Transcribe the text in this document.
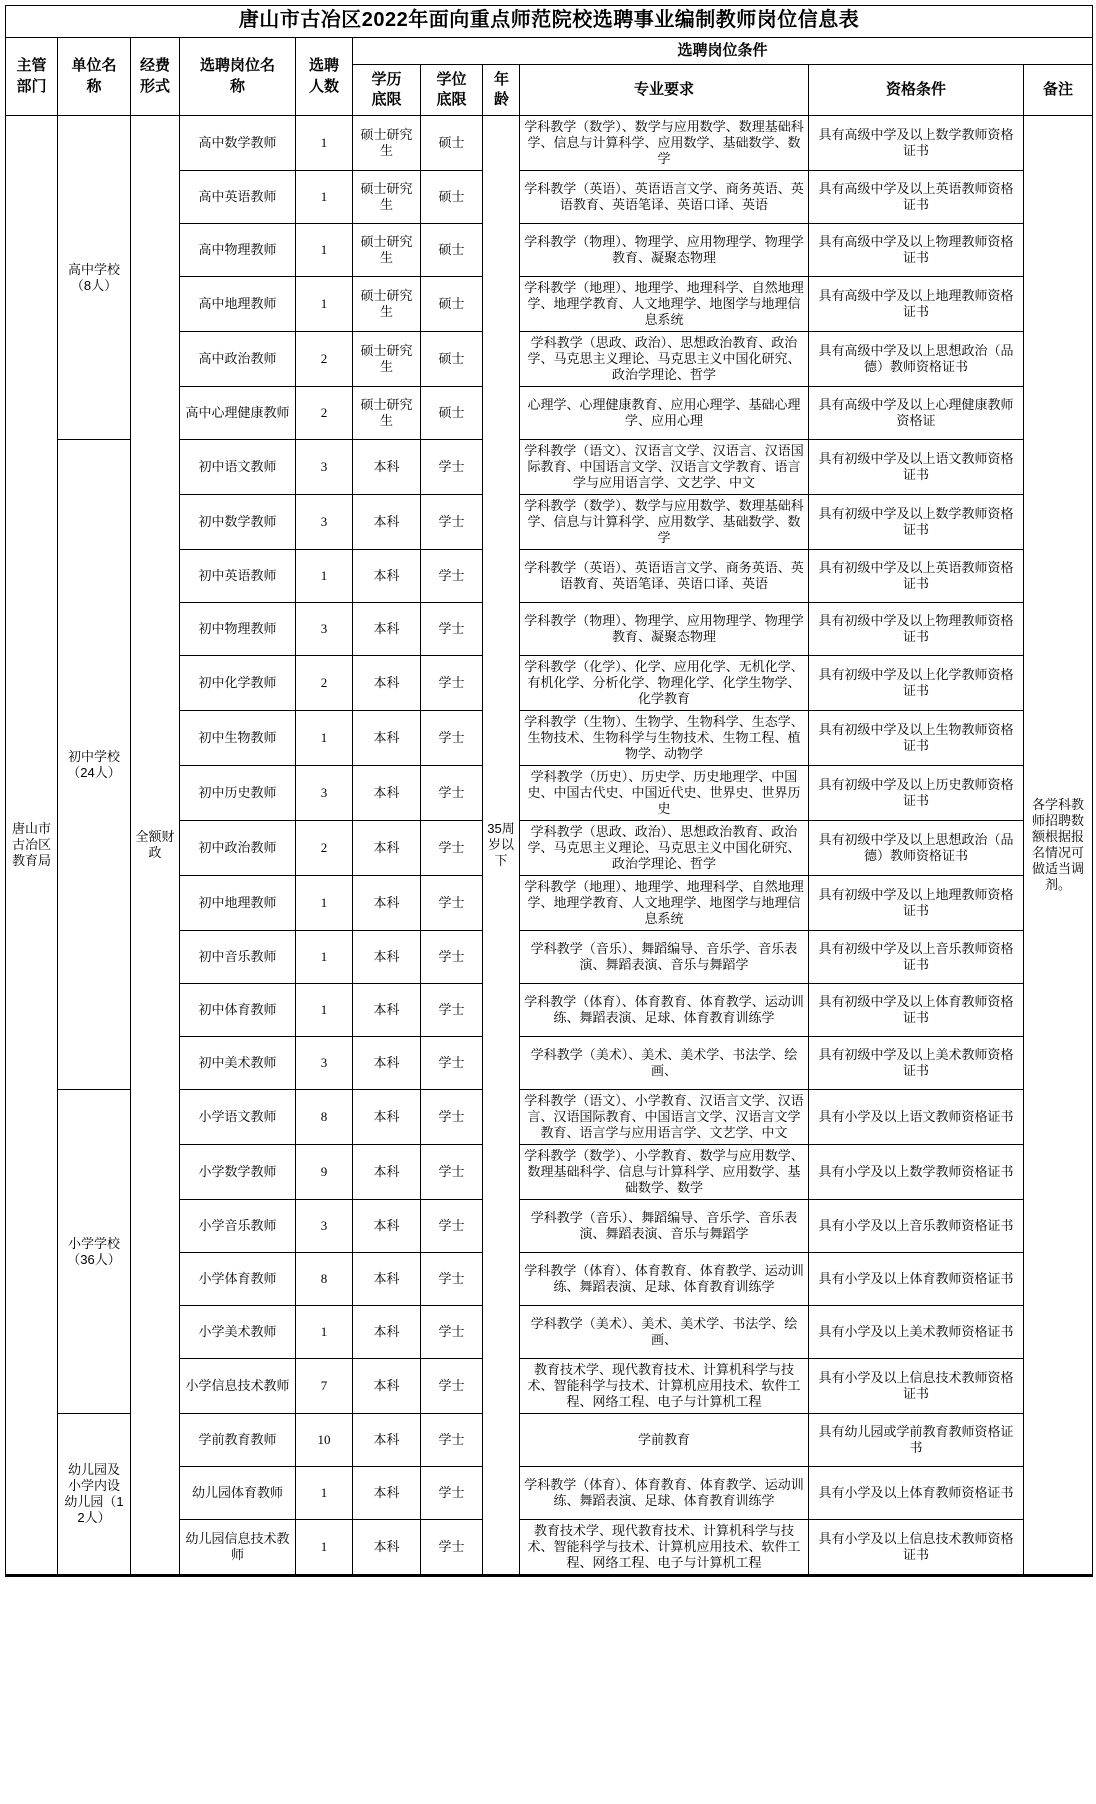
唐山市古冶区2022年面向重点师范院校选聘事业编制教师岗位信息表										
主管部门	单位名称	经费形式	选聘岗位名称	选聘人数	选聘岗位条件					
					学历底限	学位底限	年龄	专业要求	资格条件	备注
唐山市古冶区教育局	高中学校（8人）	全额财政	高中数学教师	1	硕士研究生	硕士	35周岁以下	学科教学（数学）、数学与应用数学、数理基础科学、信息与计算科学、应用数学、基础数学、数学	具有高级中学及以上数学教师资格证书	各学科教师招聘数额根据报名情况可做适当调剂。
			高中英语教师	1	硕士研究生	硕士		学科教学（英语）、英语语言文学、商务英语、英语教育、英语笔译、英语口译、英语	具有高级中学及以上英语教师资格证书	
			高中物理教师	1	硕士研究生	硕士		学科教学（物理）、物理学、应用物理学、物理学教育、凝聚态物理	具有高级中学及以上物理教师资格证书	
			高中地理教师	1	硕士研究生	硕士		学科教学（地理）、地理学、地理科学、自然地理学、地理学教育、人文地理学、地图学与地理信息系统	具有高级中学及以上地理教师资格证书	
			高中政治教师	2	硕士研究生	硕士		学科教学（思政、政治）、思想政治教育、政治学、马克思主义理论、马克思主义中国化研究、政治学理论、哲学	具有高级中学及以上思想政治（品德）教师资格证书	
			高中心理健康教师	2	硕士研究生	硕士		心理学、心理健康教育、应用心理学、基础心理学、应用心理	具有高级中学及以上心理健康教师资格证	
	初中学校（24人）		初中语文教师	3	本科	学士		学科教学（语文）、汉语言文学、汉语言、汉语国际教育、中国语言文学、汉语言文学教育、语言学与应用语言学、文艺学、中文	具有初级中学及以上语文教师资格证书	
			初中数学教师	3	本科	学士		学科教学（数学）、数学与应用数学、数理基础科学、信息与计算科学、应用数学、基础数学、数学	具有初级中学及以上数学教师资格证书	
			初中英语教师	1	本科	学士		学科教学（英语）、英语语言文学、商务英语、英语教育、英语笔译、英语口译、英语	具有初级中学及以上英语教师资格证书	
			初中物理教师	3	本科	学士		学科教学（物理）、物理学、应用物理学、物理学教育、凝聚态物理	具有初级中学及以上物理教师资格证书	
			初中化学教师	2	本科	学士		学科教学（化学）、化学、应用化学、无机化学、有机化学、分析化学、物理化学、化学生物学、化学教育	具有初级中学及以上化学教师资格证书	
			初中生物教师	1	本科	学士		学科教学（生物）、生物学、生物科学、生态学、生物技术、生物科学与生物技术、生物工程、植物学、动物学	具有初级中学及以上生物教师资格证书	
			初中历史教师	3	本科	学士		学科教学（历史）、历史学、历史地理学、中国史、中国古代史、中国近代史、世界史、世界历史	具有初级中学及以上历史教师资格证书	
			初中政治教师	2	本科	学士		学科教学（思政、政治）、思想政治教育、政治学、马克思主义理论、马克思主义中国化研究、政治学理论、哲学	具有初级中学及以上思想政治（品德）教师资格证书	
			初中地理教师	1	本科	学士		学科教学（地理）、地理学、地理科学、自然地理学、地理学教育、人文地理学、地图学与地理信息系统	具有初级中学及以上地理教师资格证书	
			初中音乐教师	1	本科	学士		学科教学（音乐）、舞蹈编导、音乐学、音乐表演、舞蹈表演、音乐与舞蹈学	具有初级中学及以上音乐教师资格证书	
			初中体育教师	1	本科	学士		学科教学（体育）、体育教育、体育教学、运动训练、舞蹈表演、足球、体育教育训练学	具有初级中学及以上体育教师资格证书	
			初中美术教师	3	本科	学士		学科教学（美术）、美术、美术学、书法学、绘画、	具有初级中学及以上美术教师资格证书	
	小学学校（36人）		小学语文教师	8	本科	学士		学科教学（语文）、小学教育、汉语言文学、汉语言、汉语国际教育、中国语言文学、汉语言文学教育、语言学与应用语言学、文艺学、中文	具有小学及以上语文教师资格证书	
			小学数学教师	9	本科	学士		学科教学（数学）、小学教育、数学与应用数学、数理基础科学、信息与计算科学、应用数学、基础数学、数学	具有小学及以上数学教师资格证书	
			小学音乐教师	3	本科	学士		学科教学（音乐）、舞蹈编导、音乐学、音乐表演、舞蹈表演、音乐与舞蹈学	具有小学及以上音乐教师资格证书	
			小学体育教师	8	本科	学士		学科教学（体育）、体育教育、体育教学、运动训练、舞蹈表演、足球、体育教育训练学	具有小学及以上体育教师资格证书	
			小学美术教师	1	本科	学士		学科教学（美术）、美术、美术学、书法学、绘画、	具有小学及以上美术教师资格证书	
			小学信息技术教师	7	本科	学士		教育技术学、现代教育技术、计算机科学与技术、智能科学与技术、计算机应用技术、软件工程、网络工程、电子与计算机工程	具有小学及以上信息技术教师资格证书	
	幼儿园及小学内设幼儿园（12人）		学前教育教师	10	本科	学士		学前教育	具有幼儿园或学前教育教师资格证书	
			幼儿园体育教师	1	本科	学士		学科教学（体育）、体育教育、体育教学、运动训练、舞蹈表演、足球、体育教育训练学	具有小学及以上体育教师资格证书	
			幼儿园信息技术教师	1	本科	学士		教育技术学、现代教育技术、计算机科学与技术、智能科学与技术、计算机应用技术、软件工程、网络工程、电子与计算机工程	具有小学及以上信息技术教师资格证书	
